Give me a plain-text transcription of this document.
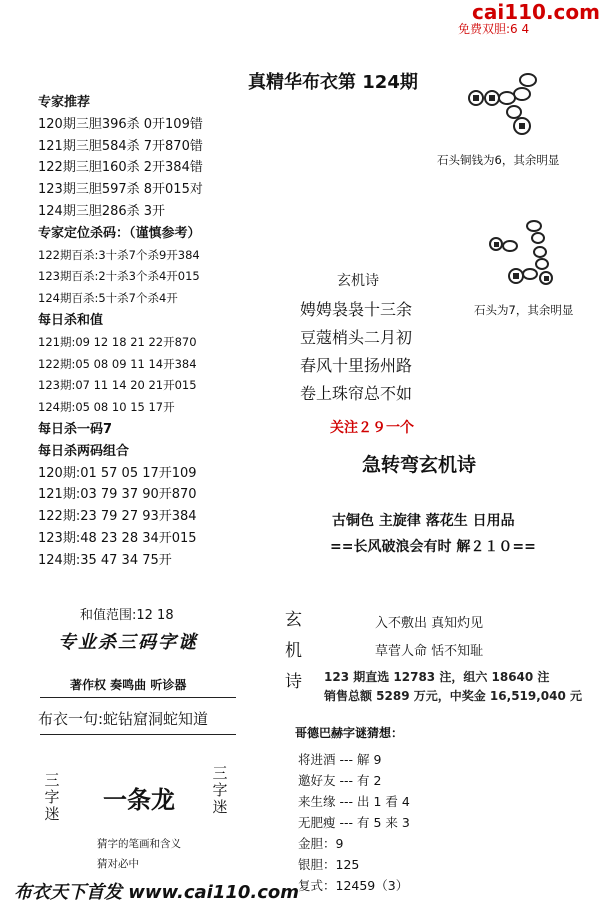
cai110.com
免费双胆:6 4
真精华布衣第 124期
专家推荐
120期三胆396杀 0开109错
121期三胆584杀 7开870错
122期三胆160杀 2开384错
123期三胆597杀 8开015对
124期三胆286杀 3开
专家定位杀码：（谨慎参考）
122期百杀:3十杀7个杀9开384
123期百杀:2十杀3个杀4开015
124期百杀:5十杀7个杀4开
每日杀和值
121期:09 12 18 21 22开870
122期:05 08 09 11 14开384
123期:07 11 14 20 21开015
124期:05 08 10 15 17开
每日杀一码7
每日杀两码组合
120期:01 57 05 17开109
121期:03 79 37 90开870
122期:23 79 27 93开384
123期:48 23 28 34开015
124期:35 47 34 75开
和值范围:12 18
专业杀三码字谜
著作权 奏鸣曲 听诊器
布衣一句:蛇钻窟洞蛇知道
三字迷 一条龙
三字迷
猜字的笔画和含义
猜对必中
石头铜钱为6，其余明显
石头为7，其余明显
玄机诗
娉娉袅袅十三余
豆蔻梢头二月初
春风十里扬州路
卷上珠帘总不如
关注２９一个
急转弯玄机诗
古铜色 主旋律 落花生 日用品
==长风破浪会有时 解２１０==
玄
机
诗
入不敷出 真知灼见
草菅人命 恬不知耻
123 期直选 12783 注，组六 18640 注
销售总额 5289 万元，中奖金 16,519,040 元
哥德巴赫字谜猜想：
将进酒 --- 解 9
邀好友 --- 有 2
来生缘 --- 出 1 看 4
无肥瘦 --- 有 5 来 3
金胆：9
银胆：125
复式：12459（3）
布衣天下首发 www.cai110.com
